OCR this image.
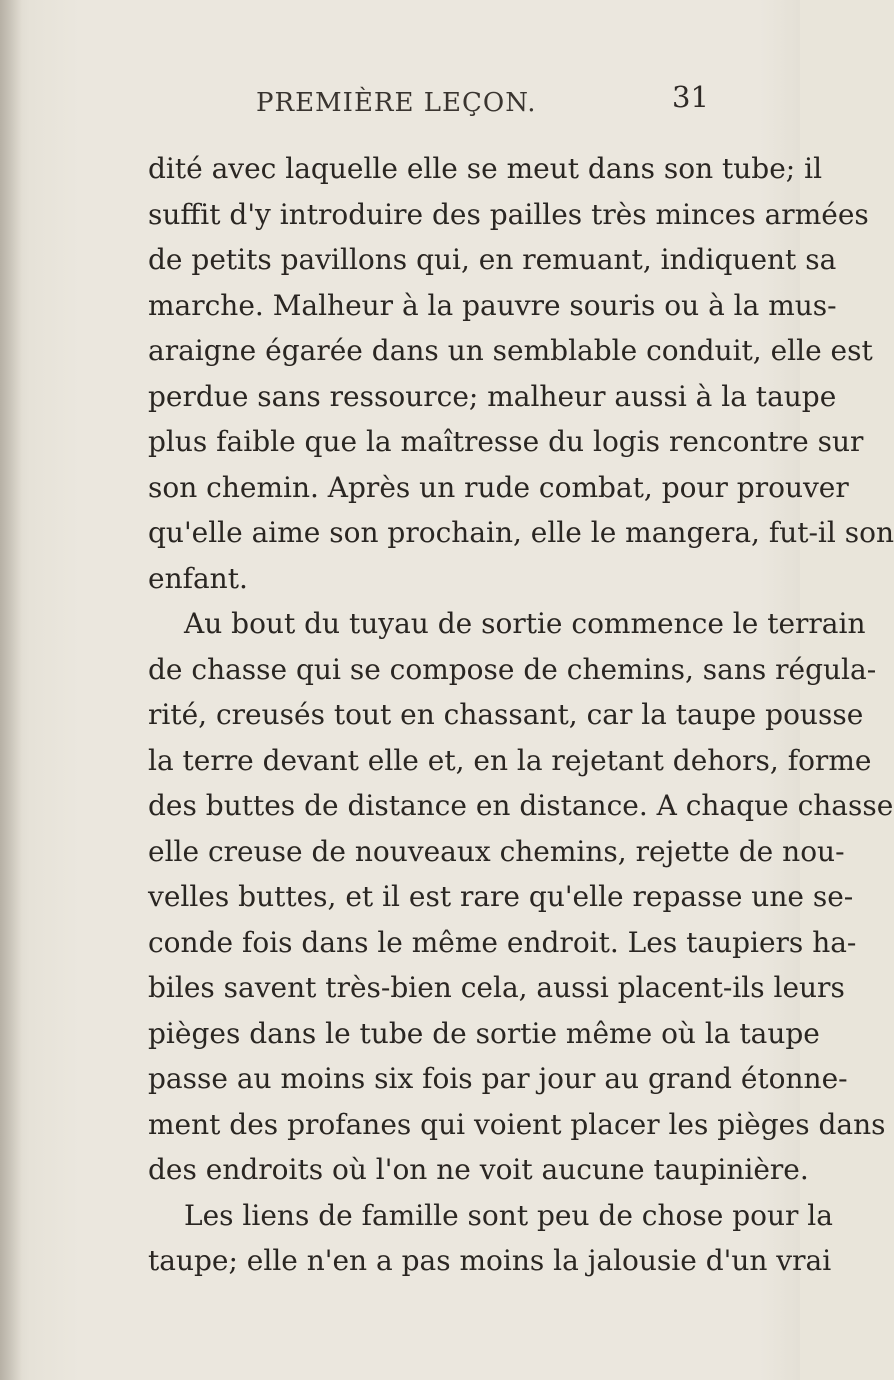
PREMIÈRE LEÇON.	31
dité avec laquelle elle se meut dans son tube; il
suffit d'y introduire des pailles très minces armées
de petits pavillons qui, en remuant, indiquent sa
marche. Malheur à la pauvre souris ou à la mus-
araigne égarée dans un semblable conduit, elle est
perdue sans ressource; malheur aussi à la taupe
plus faible que la maîtresse du logis rencontre sur
son chemin. Après un rude combat, pour prouver
qu'elle aime son prochain, elle le mangera, fut-il son
enfant.
Au bout du tuyau de sortie commence le terrain
de chasse qui se compose de chemins, sans régula-
rité, creusés tout en chassant, car la taupe pousse
la terre devant elle et, en la rejetant dehors, forme
des buttes de distance en distance. A chaque chasse
elle creuse de nouveaux chemins, rejette de nou-
velles buttes, et il est rare qu'elle repasse une se-
conde fois dans le même endroit. Les taupiers ha-
biles savent très-bien cela, aussi placent-ils leurs
pièges dans le tube de sortie même où la taupe
passe au moins six fois par jour au grand étonne-
ment des profanes qui voient placer les pièges dans
des endroits où l'on ne voit aucune taupinière.
Les liens de famille sont peu de chose pour la
taupe; elle n'en a pas moins la jalousie d'un vrai
